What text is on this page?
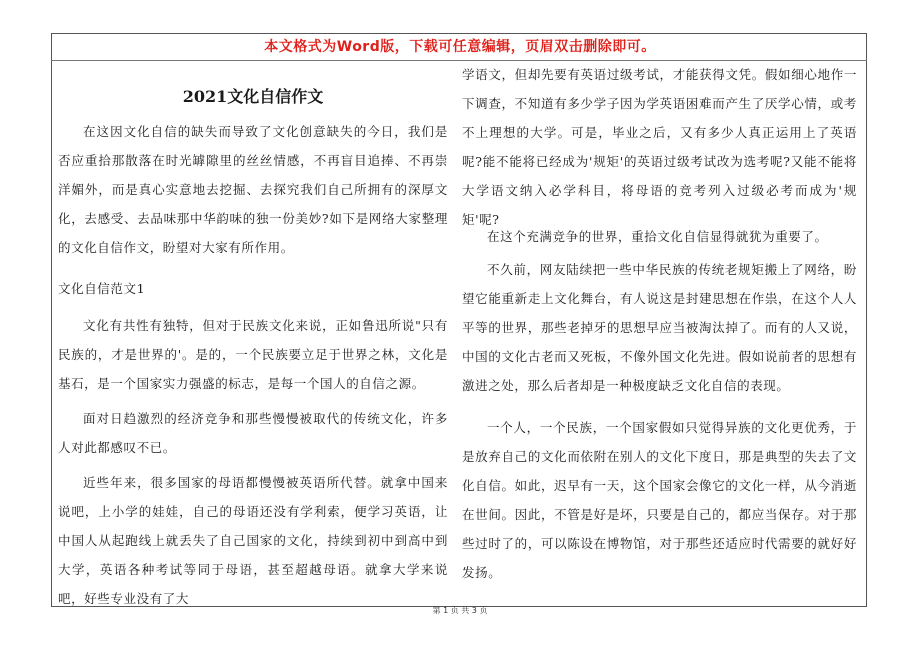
本文格式为Word版，下载可任意编辑，页眉双击删除即可。
2021文化自信作文

在这因文化自信的缺失而导致了文化创意缺失的今日，我们是否应重拾那散落在时光罅隙里的丝丝情感，不再盲目追捧、不再崇洋媚外，而是真心实意地去挖掘、去探究我们自己所拥有的深厚文化，去感受、去品味那中华韵味的独一份美妙?如下是网络大家整理的文化自信作文，盼望对大家有所作用。

文化自信范文1

文化有共性有独特，但对于民族文化来说，正如鲁迅所说"只有民族的，才是世界的'。是的，一个民族要立足于世界之林，文化是基石，是一个国家实力强盛的标志，是每一个国人的自信之源。

面对日趋激烈的经济竞争和那些慢慢被取代的传统文化，许多人对此都感叹不已。

近些年来，很多国家的母语都慢慢被英语所代替。就拿中国来说吧，上小学的娃娃，自己的母语还没有学利索，便学习英语，让中国人从起跑线上就丢失了自己国家的文化，持续到初中到高中到大学，英语各种考试等同于母语，甚至超越母语。就拿大学来说吧，好些专业没有了大

学语文，但却先要有英语过级考试，才能获得文凭。假如细心地作一下调查，不知道有多少学子因为学英语困难而产生了厌学心情，或考不上理想的大学。可是，毕业之后，又有多少人真正运用上了英语呢?能不能将已经成为'规矩'的英语过级考试改为选考呢?又能不能将大学语文纳入必学科目，将母语的竞考列入过级必考而成为'规矩'呢?

在这个充满竞争的世界，重拾文化自信显得就犹为重要了。

不久前，网友陆续把一些中华民族的传统老规矩搬上了网络，盼望它能重新走上文化舞台，有人说这是封建思想在作祟，在这个人人平等的世界，那些老掉牙的思想早应当被淘汰掉了。而有的人又说，中国的文化古老而又死板，不像外国文化先进。假如说前者的思想有激进之处，那么后者却是一种极度缺乏文化自信的表现。

一个人，一个民族，一个国家假如只觉得异族的文化更优秀，于是放弃自己的文化而依附在别人的文化下度日，那是典型的失去了文化自信。如此，迟早有一天，这个国家会像它的文化一样，从今消逝在世间。因此，不管是好是坏，只要是自己的，都应当保存。对于那些过时了的，可以陈设在博物馆，对于那些还适应时代需要的就好好发扬。

第 1 页 共 3 页
